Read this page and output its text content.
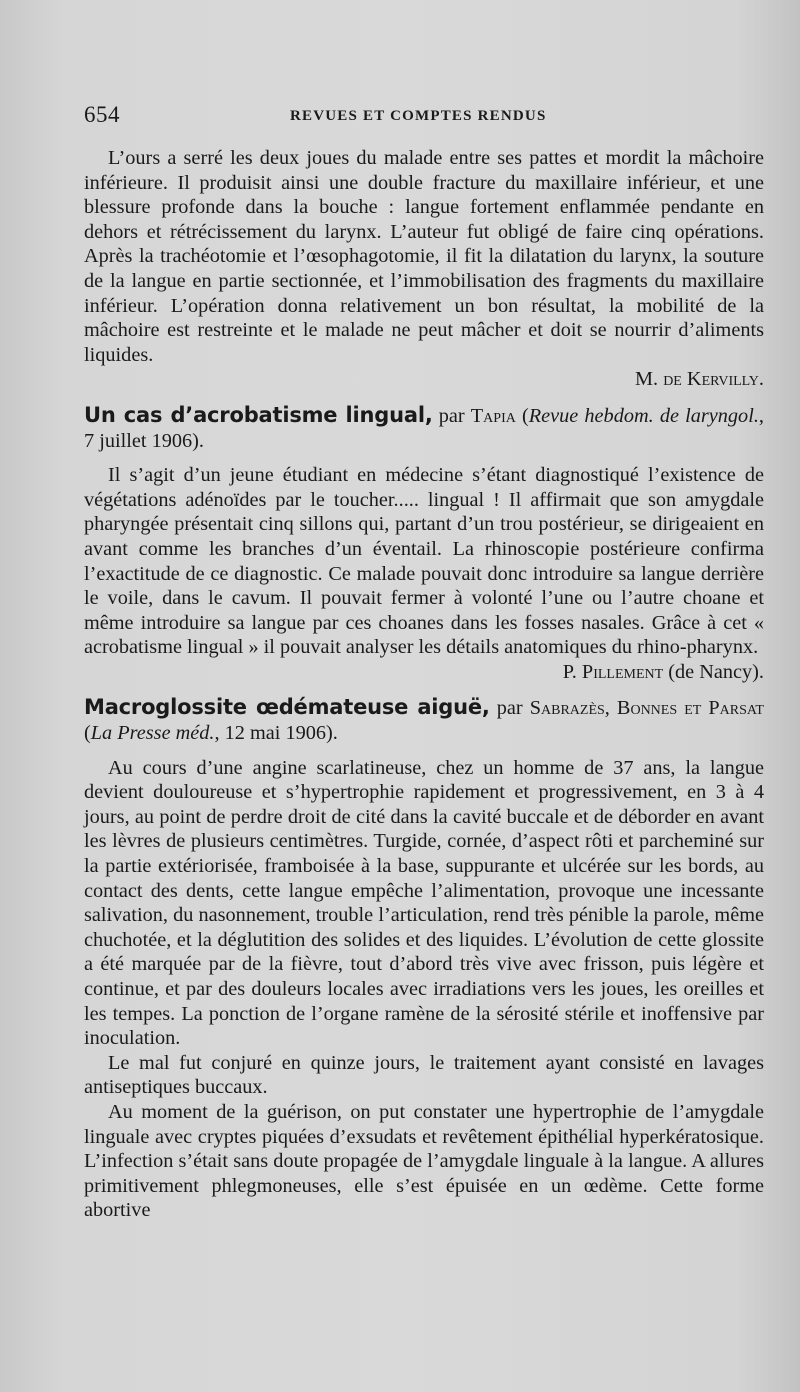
654	REVUES ET COMPTES RENDUS

L’ours a serré les deux joues du malade entre ses pattes et mordit la mâchoire inférieure. Il produisit ainsi une double fracture du maxillaire inférieur, et une blessure profonde dans la bouche : langue fortement enflammée pendante en dehors et rétrécissement du larynx. L’auteur fut obligé de faire cinq opérations. Après la trachéotomie et l’œsophagotomie, il fit la dilatation du larynx, la souture de la langue en partie sectionnée, et l’immobilisation des fragments du maxillaire inférieur. L’opération donna relativement un bon résultat, la mobilité de la mâchoire est restreinte et le malade ne peut mâcher et doit se nourrir d’aliments liquides.

M. de Kervilly.

Un cas d’acrobatisme lingual, par Tapia (Revue hebdom. de laryngol., 7 juillet 1906).

Il s’agit d’un jeune étudiant en médecine s’étant diagnostiqué l’existence de végétations adénoïdes par le toucher..... lingual ! Il affirmait que son amygdale pharyngée présentait cinq sillons qui, partant d’un trou postérieur, se dirigeaient en avant comme les branches d’un éventail. La rhinoscopie postérieure confirma l’exactitude de ce diagnostic. Ce malade pouvait donc introduire sa langue derrière le voile, dans le cavum. Il pouvait fermer à volonté l’une ou l’autre choane et même introduire sa langue par ces choanes dans les fosses nasales. Grâce à cet « acrobatisme lingual » il pouvait analyser les détails anatomiques du rhino-pharynx.

P. Pillement (de Nancy).

Macroglossite œdémateuse aiguë, par Sabrazès, Bonnes et Parsat (La Presse méd., 12 mai 1906).

Au cours d’une angine scarlatineuse, chez un homme de 37 ans, la langue devient douloureuse et s’hypertrophie rapidement et progressivement, en 3 à 4 jours, au point de perdre droit de cité dans la cavité buccale et de déborder en avant les lèvres de plusieurs centimètres. Turgide, cornée, d’aspect rôti et parcheminé sur la partie extériorisée, framboisée à la base, suppurante et ulcérée sur les bords, au contact des dents, cette langue empêche l’alimentation, provoque une incessante salivation, du nasonnement, trouble l’articulation, rend très pénible la parole, même chuchotée, et la déglutition des solides et des liquides. L’évolution de cette glossite a été marquée par de la fièvre, tout d’abord très vive avec frisson, puis légère et continue, et par des douleurs locales avec irradiations vers les joues, les oreilles et les tempes. La ponction de l’organe ramène de la sérosité stérile et inoffensive par inoculation.

Le mal fut conjuré en quinze jours, le traitement ayant consisté en lavages antiseptiques buccaux.

Au moment de la guérison, on put constater une hypertrophie de l’amygdale linguale avec cryptes piquées d’exsudats et revêtement épithélial hyperkératosique. L’infection s’était sans doute propagée de l’amygdale linguale à la langue. A allures primitivement phlegmoneuses, elle s’est épuisée en un œdème. Cette forme abortive
